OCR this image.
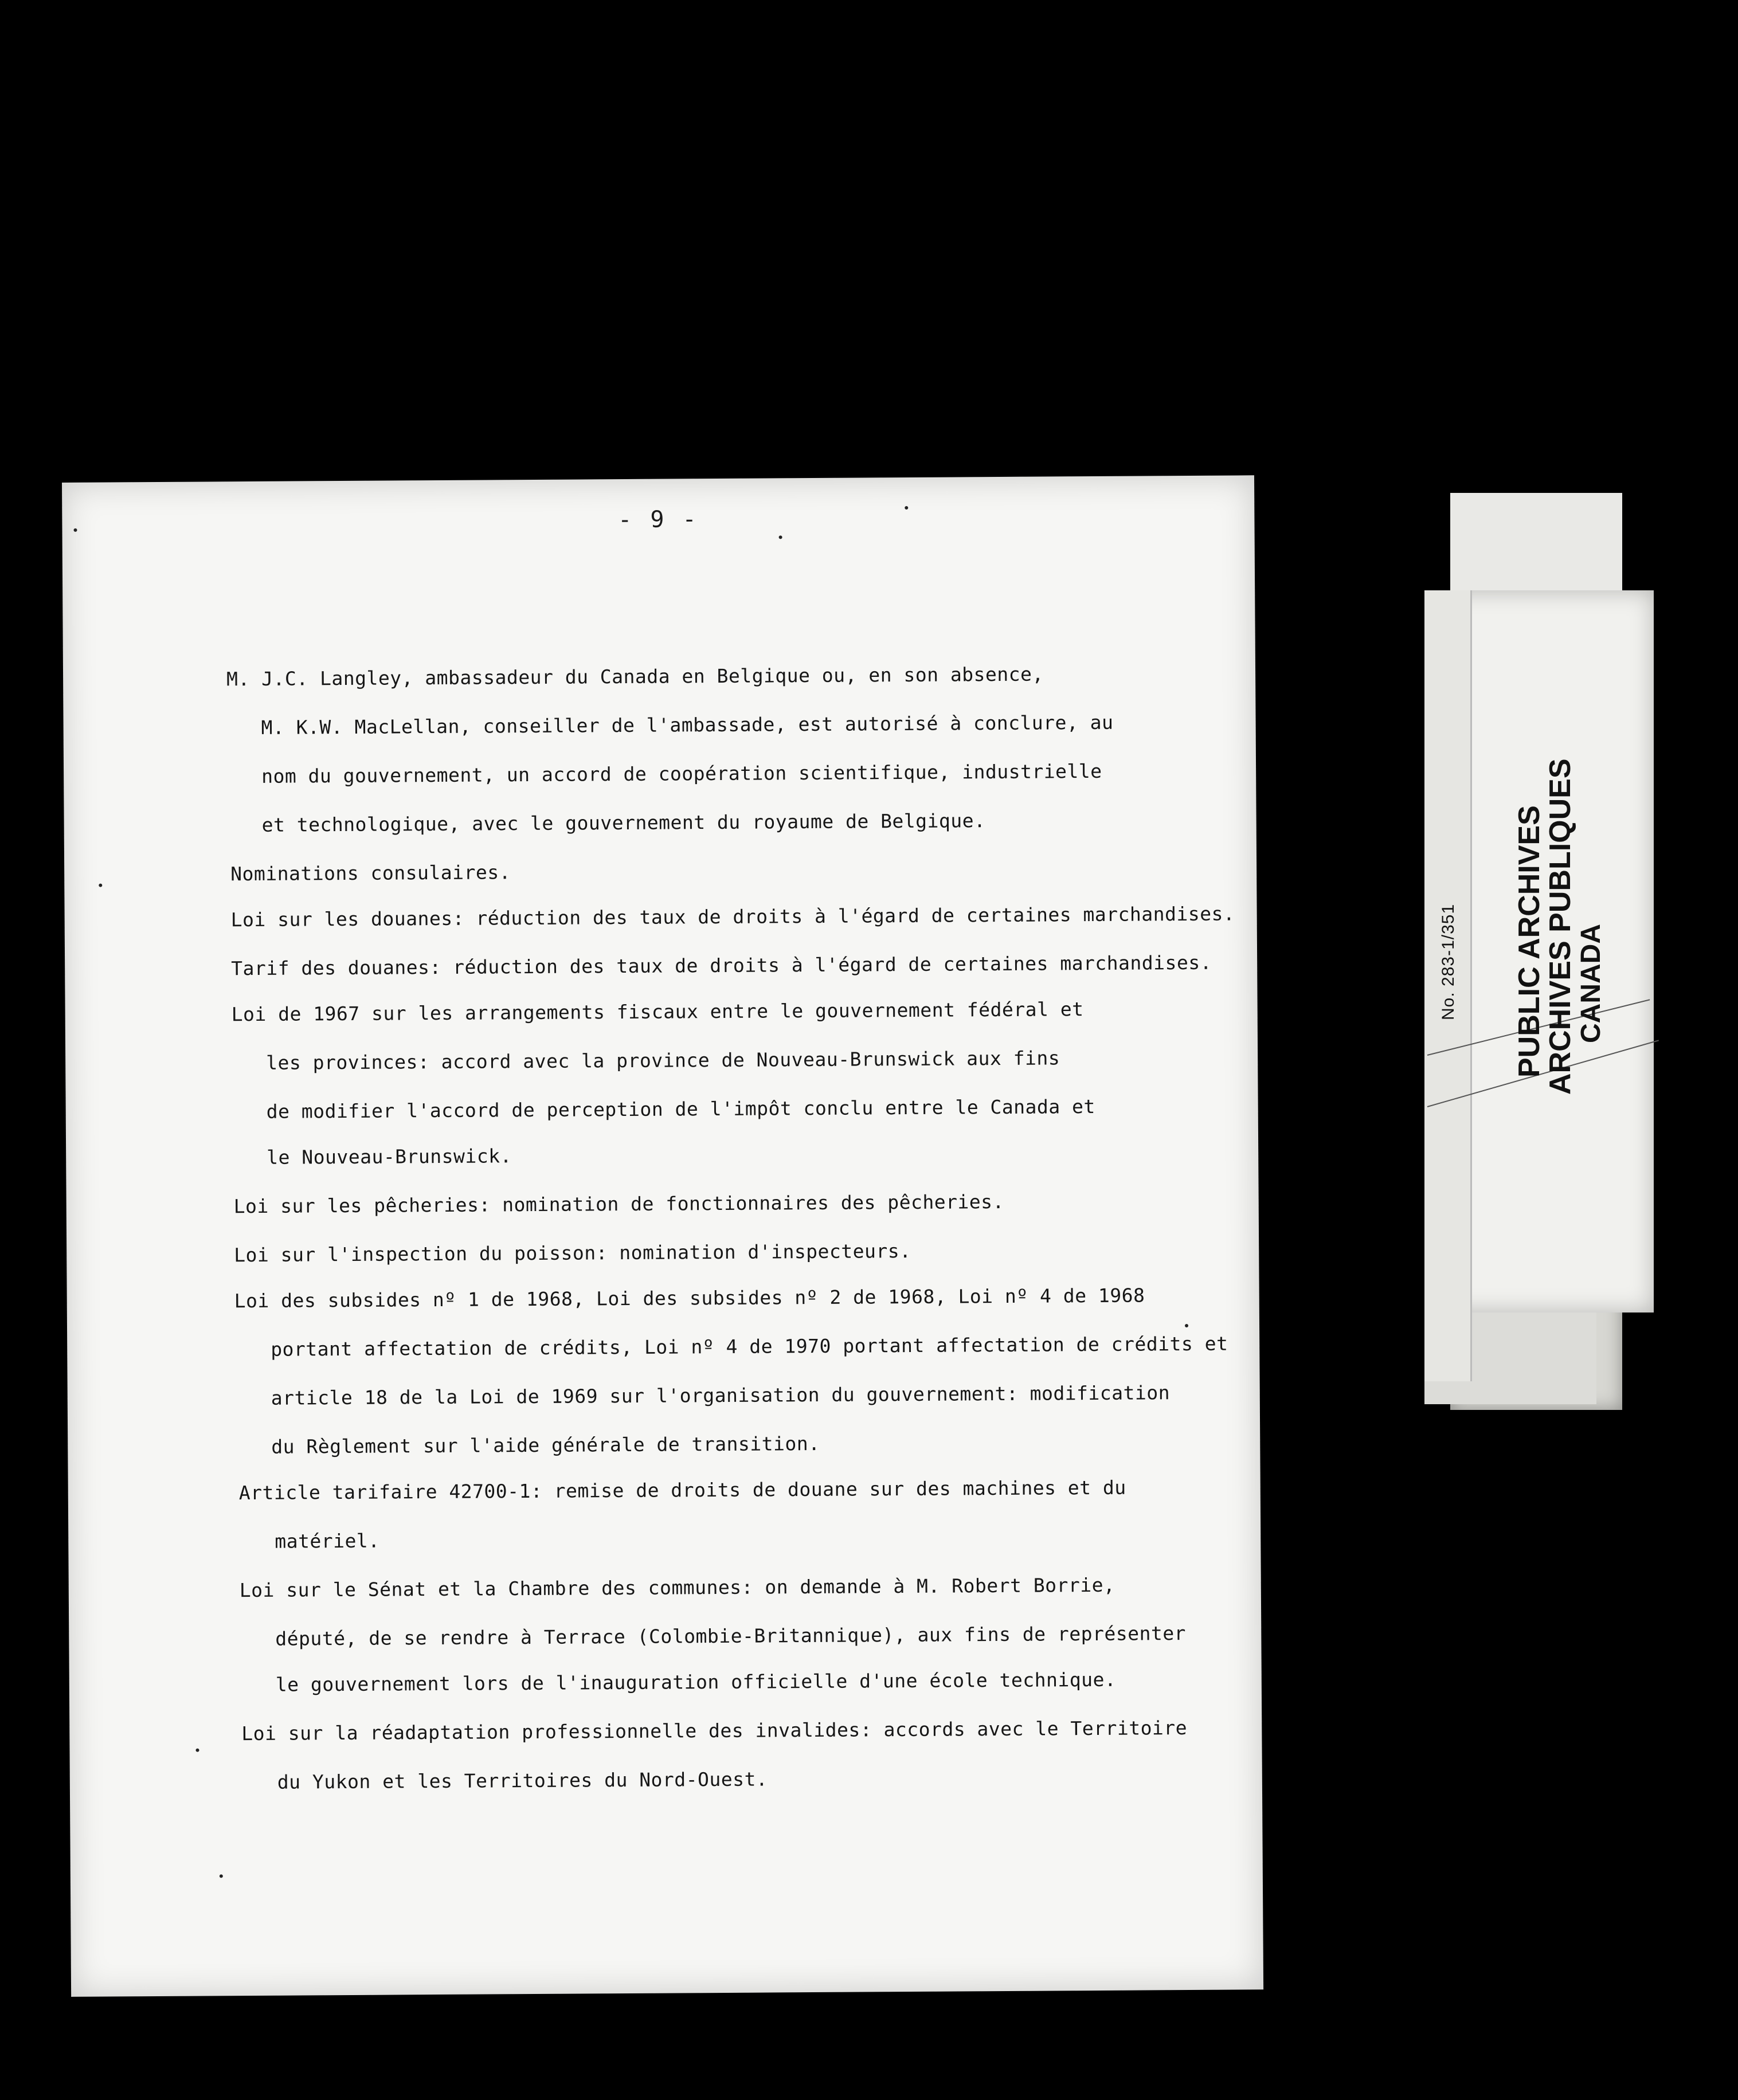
- 9 -
M. J.C. Langley, ambassadeur du Canada en Belgique ou, en son absence,
M. K.W. MacLellan, conseiller de l'ambassade, est autorisé à conclure, au
nom du gouvernement, un accord de coopération scientifique, industrielle
et technologique, avec le gouvernement du royaume de Belgique.
Nominations consulaires.
Loi sur les douanes: réduction des taux de droits à l'égard de certaines marchandises.
Tarif des douanes: réduction des taux de droits à l'égard de certaines marchandises.
Loi de 1967 sur les arrangements fiscaux entre le gouvernement fédéral et
les provinces: accord avec la province de Nouveau-Brunswick aux fins
de modifier l'accord de perception de l'impôt conclu entre le Canada et
le Nouveau-Brunswick.
Loi sur les pêcheries: nomination de fonctionnaires des pêcheries.
Loi sur l'inspection du poisson: nomination d'inspecteurs.
Loi des subsides nº 1 de 1968, Loi des subsides nº 2 de 1968, Loi nº 4 de 1968
portant affectation de crédits, Loi nº 4 de 1970 portant affectation de crédits et
article 18 de la Loi de 1969 sur l'organisation du gouvernement: modification
du Règlement sur l'aide générale de transition.
Article tarifaire 42700-1: remise de droits de douane sur des machines et du
matériel.
Loi sur le Sénat et la Chambre des communes: on demande à M. Robert Borrie,
député, de se rendre à Terrace (Colombie-Britannique), aux fins de représenter
le gouvernement lors de l'inauguration officielle d'une école technique.
Loi sur la réadaptation professionnelle des invalides: accords avec le Territoire
du Yukon et les Territoires du Nord-Ouest.
No. 283-1/351 PUBLIC ARCHIVES
ARCHIVES PUBLIQUES
CANADA
